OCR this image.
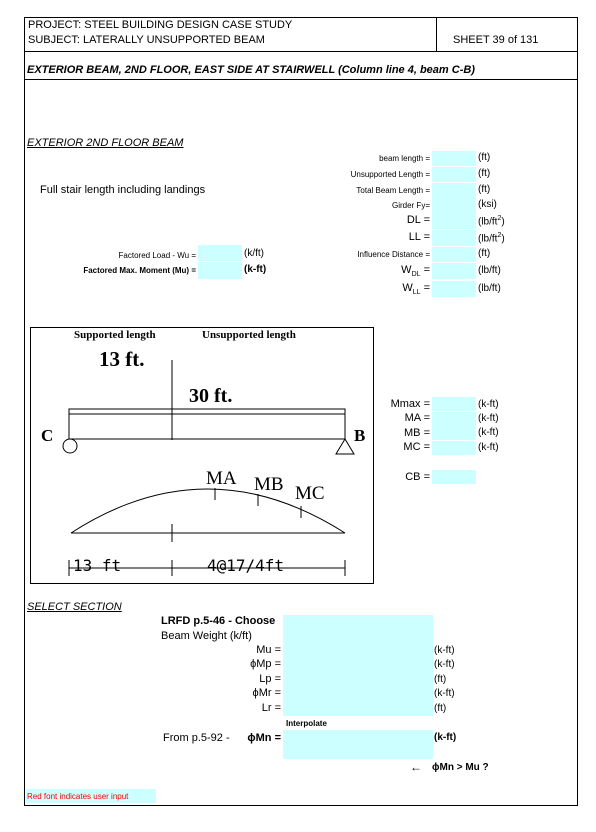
PROJECT: STEEL BUILDING DESIGN CASE STUDY
SUBJECT: LATERALLY UNSUPPORTED BEAM	SHEET 39 of 131
EXTERIOR BEAM, 2ND FLOOR, EAST SIDE AT STAIRWELL (Column line 4, beam C-B)
EXTERIOR 2ND FLOOR BEAM
Full stair length including landings
beam length =	(ft)
Unsupported Length =	(ft)
Total Beam Length =	(ft)
Girder Fy=	(ksi)
DL =	$(lb/ft^2)$
LL =	$(lb/ft^2)$
Influence Distance =	(ft)
$W_{DL}$ =	(lb/ft)
$W_{LL}$ =	(lb/ft)
Factored Load - Wu =	(k/ft)
Factored Max. Moment (Mu) =	(k-ft)
Supported length	Unsupported length
13 ft.
30 ft.
C	B
MA MB MC
13 ft	4@17/4ft
Mmax =	(k-ft)
MA =	(k-ft)
MB =	(k-ft)
MC =	(k-ft)
CB =
SELECT SECTION
LRFD p.5-46 - Choose
Beam Weight (k/ft)
Mu =	(k-ft)
ϕMp =	(k-ft)
Lp =	(ft)
ϕMr =	(k-ft)
Lr =	(ft)
Interpolate
From p.5-92 -	ϕMn =	(k-ft)
← ϕMn > Mu ?
Red font indicates user input
